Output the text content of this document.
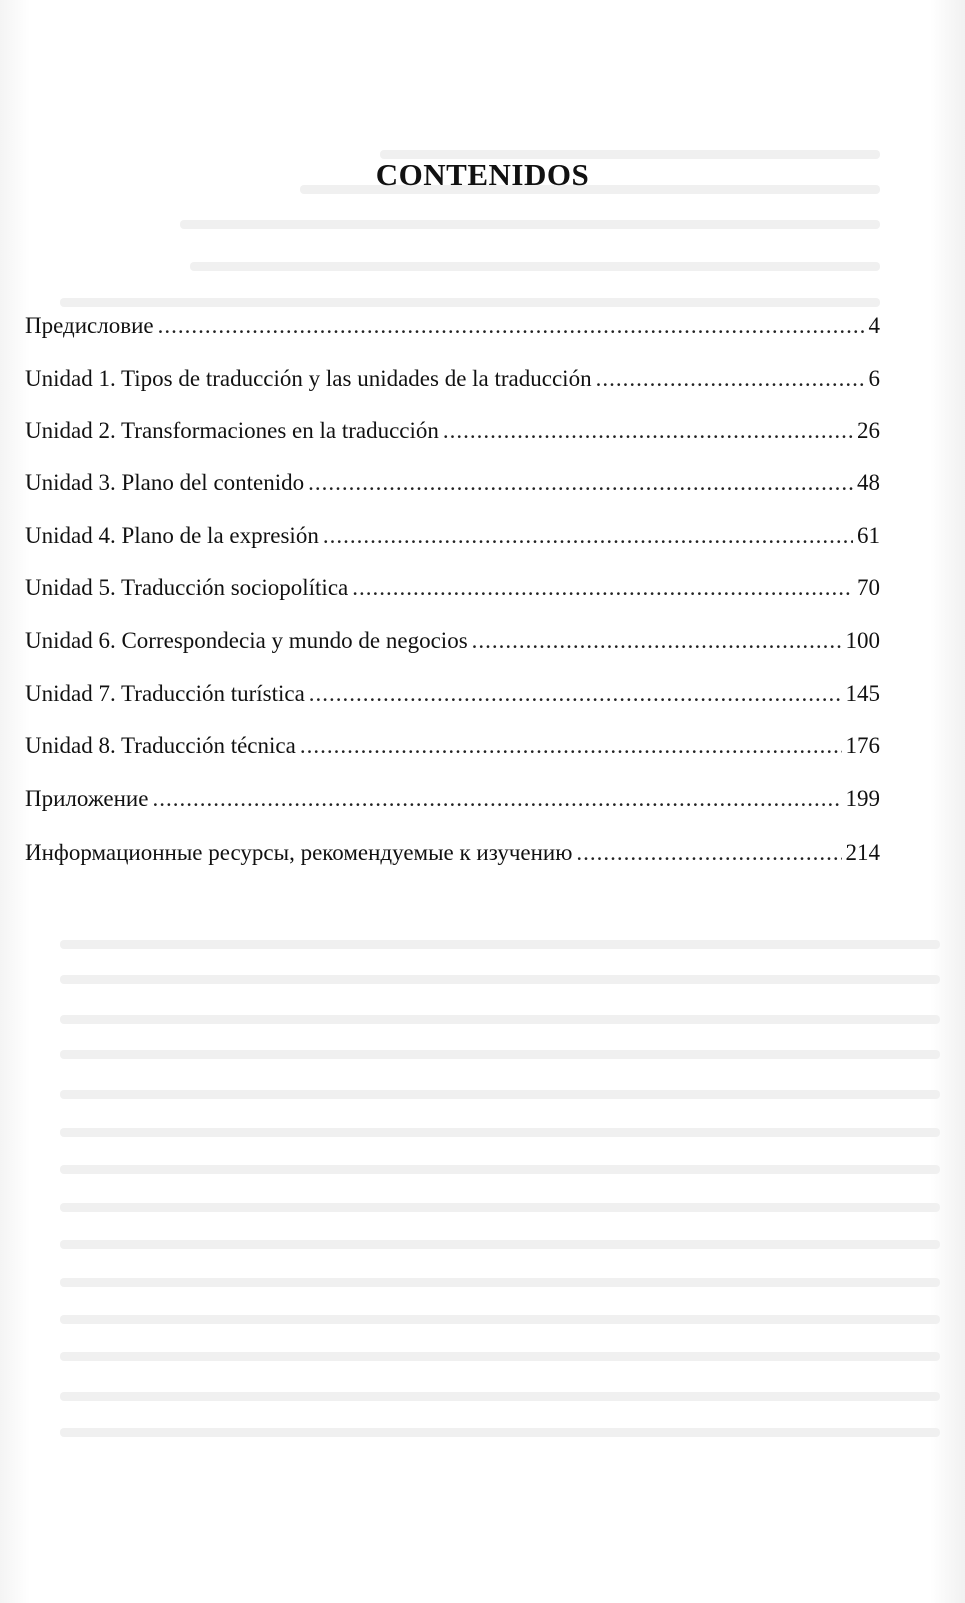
CONTENIDOS
Предисловие .....	4
Unidad 1. Tipos de traducción y las unidades de la traducción .....	6
Unidad 2. Transformaciones en la traducción .....	26
Unidad 3. Plano del contenido .....	48
Unidad 4. Plano de la expresión .....	61
Unidad 5. Traducción sociopolítica .....	70
Unidad 6. Correspondecia y mundo de negocios .....	100
Unidad 7. Traducción turística .....	145
Unidad 8. Traducción técnica .....	176
Приложение .....	199
Информационные ресурсы, рекомендуемые к изучению .....	214
